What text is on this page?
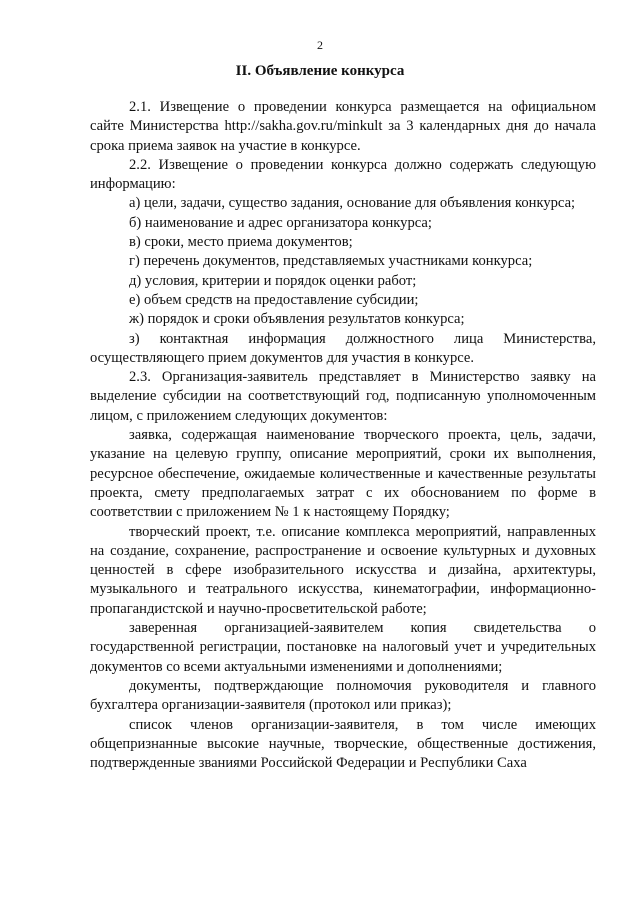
2
II. Объявление конкурса

2.1. Извещение о проведении конкурса размещается на официальном сайте Министерства http://sakha.gov.ru/minkult за 3 календарных дня до начала срока приема заявок на участие в конкурсе.

2.2. Извещение о проведении конкурса должно содержать следующую информацию:

а) цели, задачи, существо задания, основание для объявления конкурса;

б) наименование и адрес организатора конкурса;

в) сроки, место приема документов;

г) перечень документов, представляемых участниками конкурса;

д) условия, критерии и порядок оценки работ;

е) объем средств на предоставление субсидии;

ж) порядок и сроки объявления результатов конкурса;

з) контактная информация должностного лица Министерства, осуществляющего прием документов для участия в конкурсе.

2.3. Организация-заявитель представляет в Министерство заявку на выделение субсидии на соответствующий год, подписанную уполномоченным лицом, с приложением следующих документов:

заявка, содержащая наименование творческого проекта, цель, задачи, указание на целевую группу, описание мероприятий, сроки их выполнения, ресурсное обеспечение, ожидаемые количественные и качественные результаты проекта, смету предполагаемых затрат с их обоснованием по форме в соответствии с приложением № 1 к настоящему Порядку;

творческий проект, т.е. описание комплекса мероприятий, направленных на создание, сохранение, распространение и освоение культурных и духовных ценностей в сфере изобразительного искусства и дизайна, архитектуры, музыкального и театрального искусства, кинематографии, информационно-пропагандистской и научно-просветительской работе;

заверенная организацией-заявителем копия свидетельства о государственной регистрации, постановке на налоговый учет и учредительных документов со всеми актуальными изменениями и дополнениями;

документы, подтверждающие полномочия руководителя и главного бухгалтера организации-заявителя (протокол или приказ);

список членов организации-заявителя, в том числе имеющих общепризнанные высокие научные, творческие, общественные достижения, подтвержденные званиями Российской Федерации и Республики Саха
